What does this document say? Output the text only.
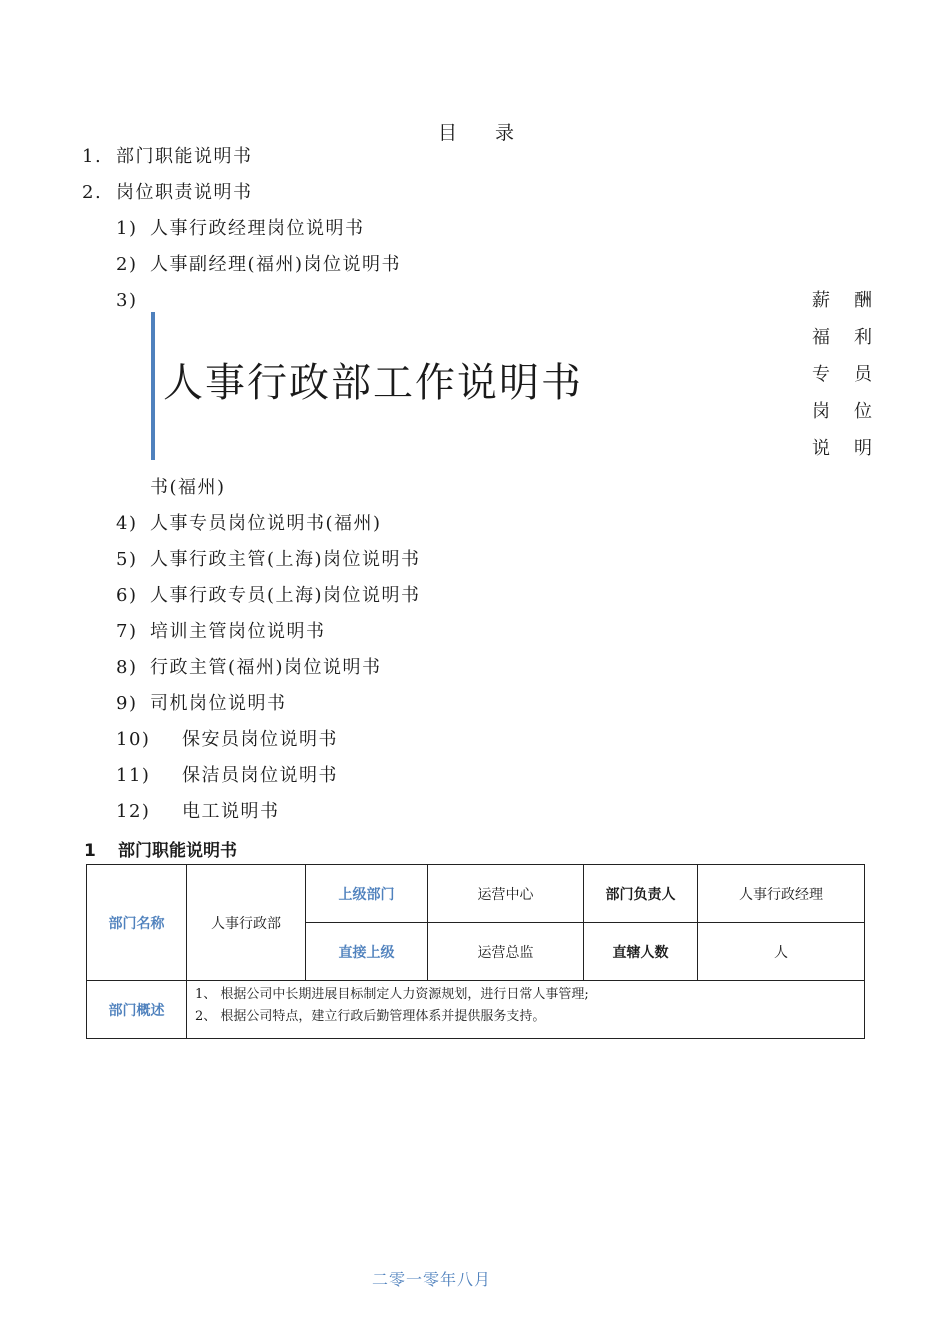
目录
1. 部门职能说明书
2. 岗位职责说明书
1) 人事行政经理岗位说明书
2) 人事副经理(福州)岗位说明书
3)
人事行政部工作说明书
薪 酬
福 利
专 员
岗 位
说 明
书(福州)
4) 人事专员岗位说明书(福州)
5) 人事行政主管(上海)岗位说明书
6) 人事行政专员(上海)岗位说明书
7) 培训主管岗位说明书
8) 行政主管(福州)岗位说明书
9) 司机岗位说明书
10) 保安员岗位说明书
11) 保洁员岗位说明书
12) 电工说明书
1 部门职能说明书
部门名称	人事行政部	上级部门	运营中心	部门负责人	人事行政经理
		直接上级	运营总监	直辖人数	人
部门概述	1、 根据公司中长期进展目标制定人力资源规划，进行日常人事管理;
2、 根据公司特点，建立行政后勤管理体系并提供服务支持。				
二零一零年八月
